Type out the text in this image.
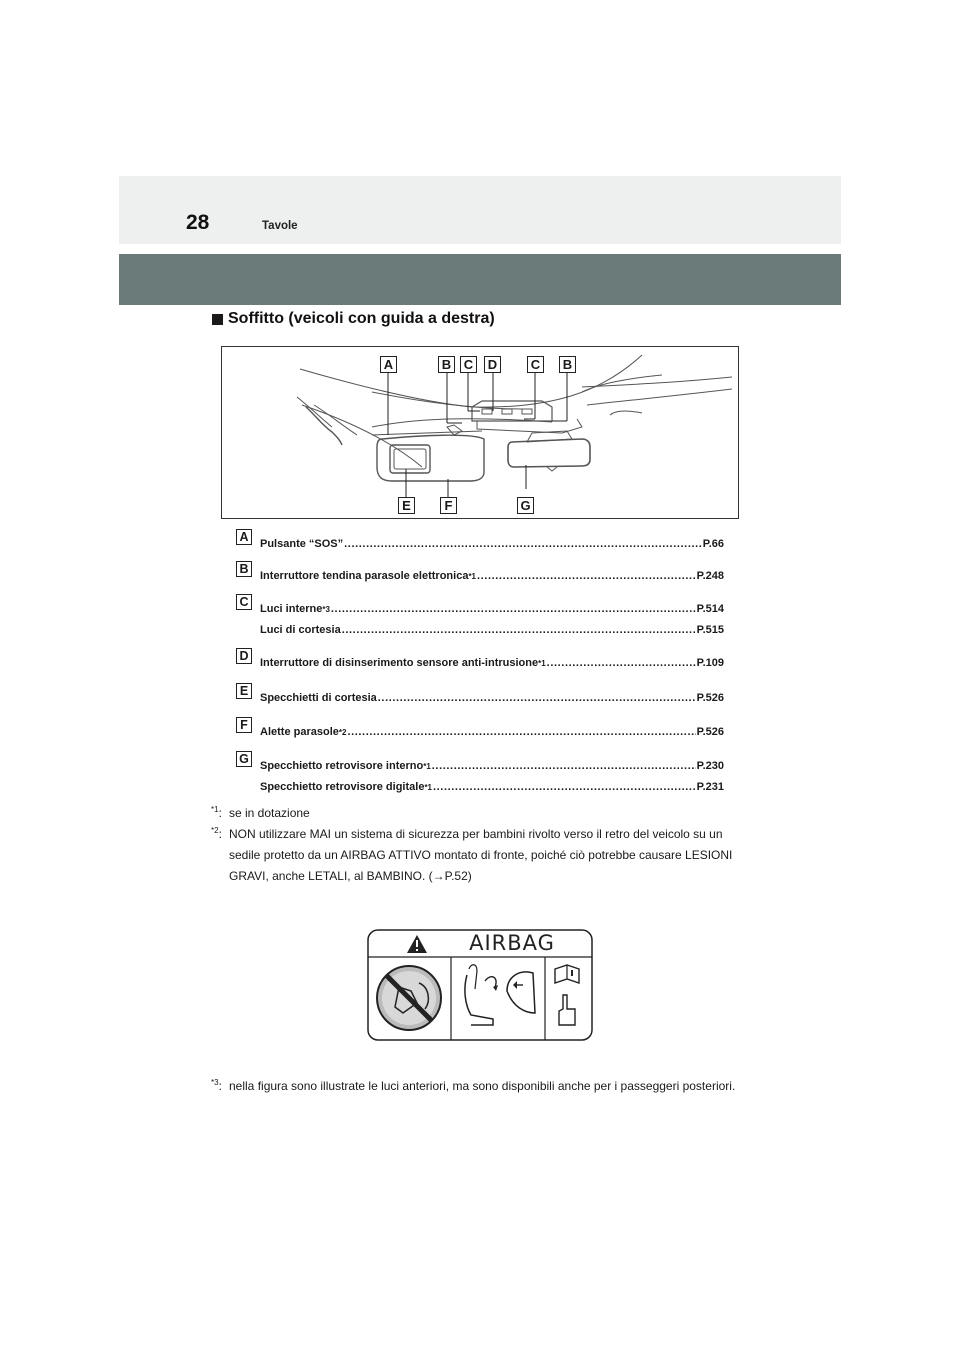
28	Tavole
Soffitto (veicoli con guida a destra)
A	B C D	C B
E	F	G
A	Pulsante “SOS” .....	P.66
B	Interruttore tendina parasole elettronica *1 .....	P.248
C	Luci interne *3 .....	P.514
Luci di cortesia .....	P.515
D	Interruttore di disinserimento sensore anti-intrusione *1 .....	P.109
E	Specchietti di cortesia .....	P.526
F	Alette parasole *2 .....	P.526
G Specchietto retrovisore interno *1 .....	P.230
Specchietto retrovisore digitale *1 .....	P.231
$^{*1}$: se in dotazione
$^{*2}$: NON utilizzare MAI un sistema di sicurezza per bambini rivolto verso il retro del veicolo su un sedile protetto da un AIRBAG ATTIVO montato di fronte, poiché ciò potrebbe causare LESIONI GRAVI, anche LETALI, al BAMBINO. (→P.52)
AIRBAG
$^{*3}$: nella figura sono illustrate le luci anteriori, ma sono disponibili anche per i passeggeri posteriori.
